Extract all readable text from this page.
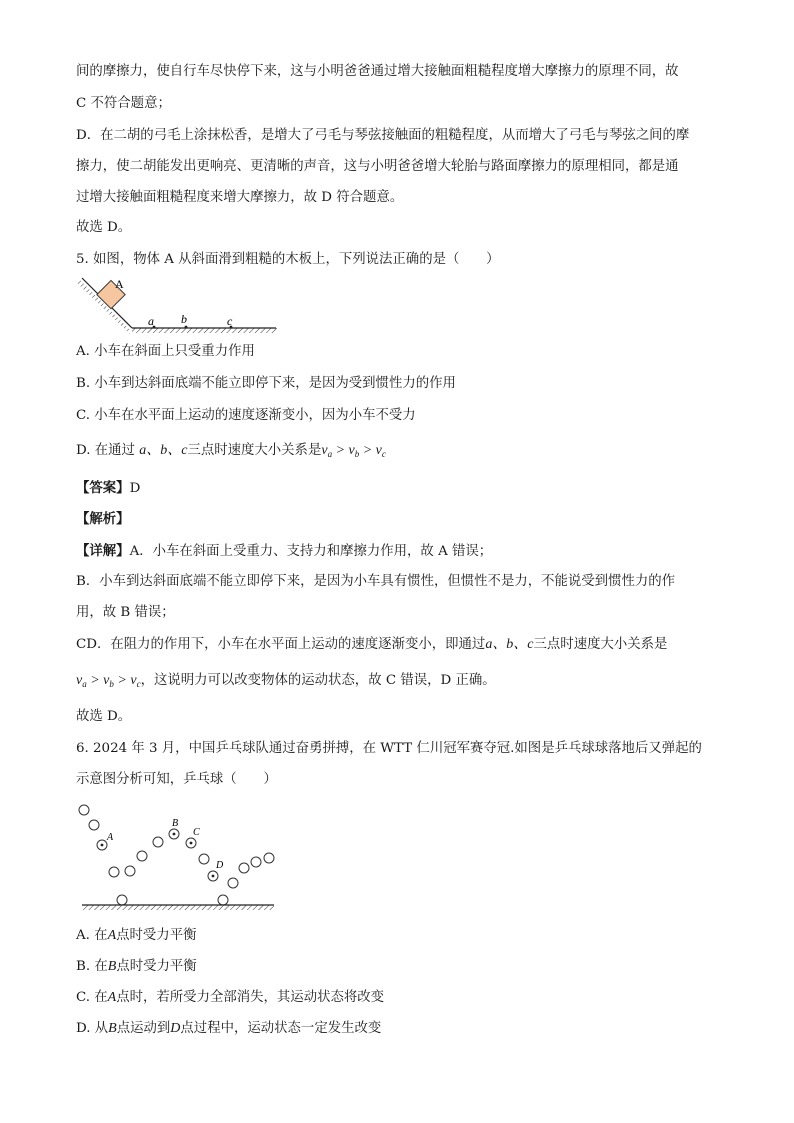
间的摩擦力，使自行车尽快停下来，这与小明爸爸通过增大接触面粗糙程度增大摩擦力的原理不同，故
C 不符合题意；
D．在二胡的弓毛上涂抹松香，是增大了弓毛与琴弦接触面的粗糙程度，从而增大了弓毛与琴弦之间的摩
擦力，使二胡能发出更响亮、更清晰的声音，这与小明爸爸增大轮胎与路面摩擦力的原理相同，都是通
过增大接触面粗糙程度来增大摩擦力，故 D 符合题意。
故选 D。
5. 如图，物体 A 从斜面滑到粗糙的木板上，下列说法正确的是（　　）
A
a b	c
A. 小车在斜面上只受重力作用
B. 小车到达斜面底端不能立即停下来，是因为受到惯性力的作用
C. 小车在水平面上运动的速度逐渐变小，因为小车不受力
D. 在通过 a、b、c三点时速度大小关系是$v_a > v_b > v_c$
【答案】D
【解析】
【详解】A．小车在斜面上受重力、支持力和摩擦力作用，故 A 错误；
B．小车到达斜面底端不能立即停下来，是因为小车具有惯性，但惯性不是力，不能说受到惯性力的作
用，故 B 错误；
CD．在阻力的作用下，小车在水平面上运动的速度逐渐变小，即通过a、b、c三点时速度大小关系是
$v_a > v_b > v_c$，这说明力可以改变物体的运动状态，故 C 错误，D 正确。
故选 D。
6. 2024 年 3 月，中国乒乓球队通过奋勇拼搏，在 WTT 仁川冠军赛夺冠.如图是乒乓球球落地后又弹起的
示意图分析可知，乒乓球（　　）
A
B
C
D
A. 在A点时受力平衡
B. 在B点时受力平衡
C. 在A点时，若所受力全部消失，其运动状态将改变
D. 从B点运动到D点过程中，运动状态一定发生改变
